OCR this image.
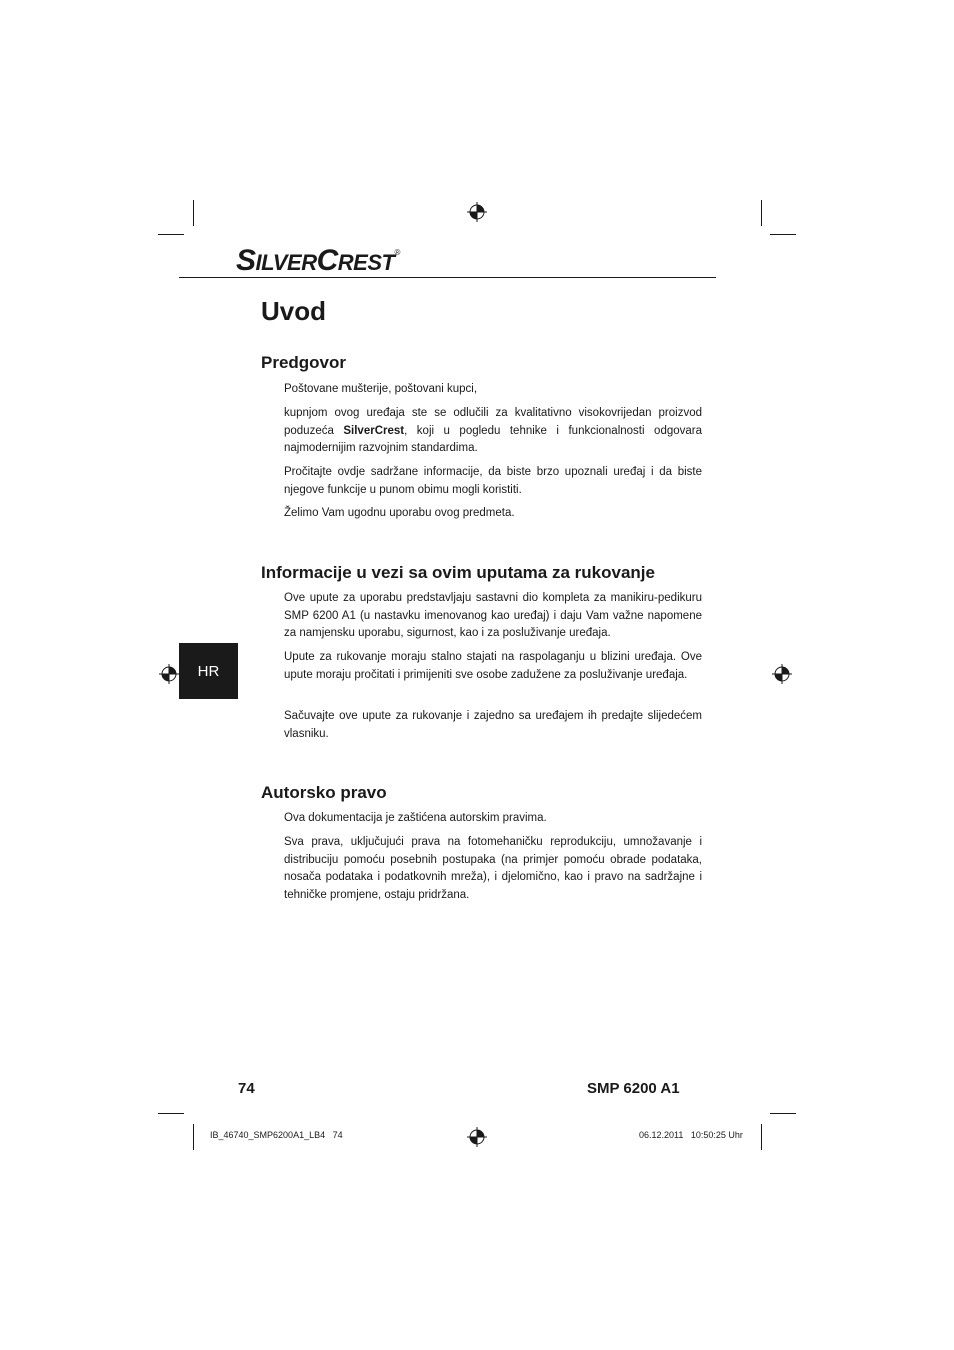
SILVERCREST®
Uvod
Predgovor

Poštovane mušterije, poštovani kupci,

kupnjom ovog uređaja ste se odlučili za kvalitativno visokovrijedan proizvod poduzeća SilverCrest, koji u pogledu tehnike i funkcionalnosti odgovara najmodernijim razvojnim standardima.

Pročitajte ovdje sadržane informacije, da biste brzo upoznali uređaj i da biste njegove funkcije u punom obimu mogli koristiti.

Želimo Vam ugodnu uporabu ovog predmeta.

Informacije u vezi sa ovim uputama za rukovanje

Ove upute za uporabu predstavljaju sastavni dio kompleta za manikiru-pedikuru SMP 6200 A1 (u nastavku imenovanog kao uređaj) i daju Vam važne napomene za namjensku uporabu, sigurnost, kao i za posluživanje uređaja.

Upute za rukovanje moraju stalno stajati na raspolaganju u blizini uređaja. Ove upute moraju pročitati i primijeniti sve osobe zadužene za posluživanje uređaja.

Sačuvajte ove upute za rukovanje i zajedno sa uređajem ih predajte slijedećem vlasniku.

HR
Autorsko pravo

Ova dokumentacija je zaštićena autorskim pravima.

Sva prava, uključujući prava na fotomehaničku reprodukciju, umnožavanje i distribuciju pomoću posebnih postupaka (na primjer pomoću obrade podataka, nosača podataka i podatkovnih mreža), i djelomično, kao i pravo na sadržajne i tehničke promjene, ostaju pridržana.

74	SMP 6200 A1
IB_46740_SMP6200A1_LB4   74	06.12.2011   10:50:25 Uhr
